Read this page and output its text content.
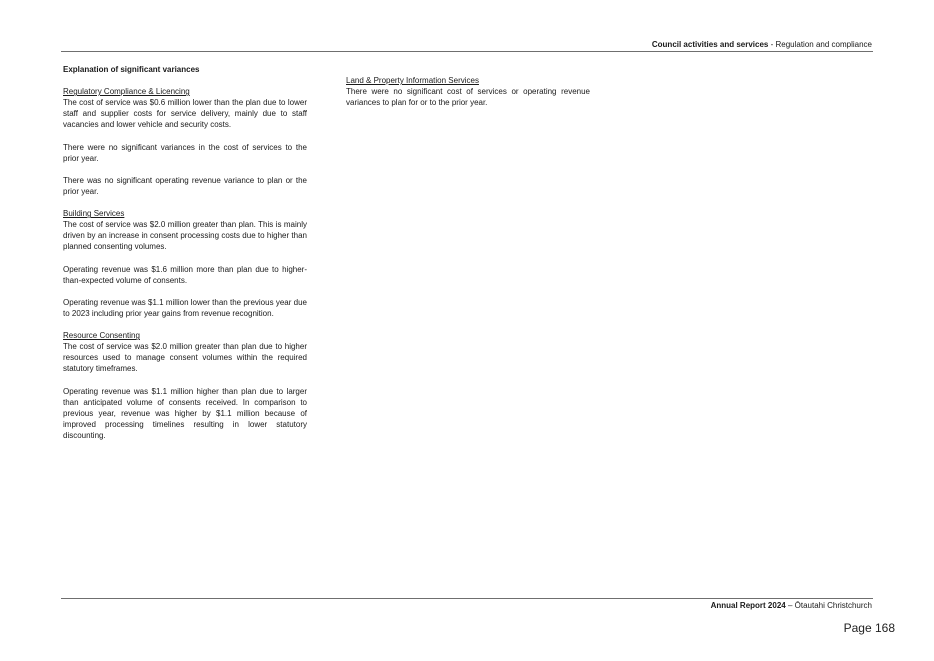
Council activities and services - Regulation and compliance

Explanation of significant variances

Regulatory Compliance & Licencing

The cost of service was $0.6 million lower than the plan due to lower staff and supplier costs for service delivery, mainly due to staff vacancies and lower vehicle and security costs.

There were no significant variances in the cost of services to the prior year.

There was no significant operating revenue variance to plan or the prior year.

Building Services

The cost of service was $2.0 million greater than plan. This is mainly driven by an increase in consent processing costs due to higher than planned consenting volumes.

Operating revenue was $1.6 million more than plan due to higher-than-expected volume of consents.

Operating revenue was $1.1 million lower than the previous year due to 2023 including prior year gains from revenue recognition.

Resource Consenting

The cost of service was $2.0 million greater than plan due to higher resources used to manage consent volumes within the required statutory timeframes.

Operating revenue was $1.1 million higher than plan due to larger than anticipated volume of consents received. In comparison to previous year, revenue was higher by $1.1 million because of improved processing timelines resulting in lower statutory discounting.

Land & Property Information Services

There were no significant cost of services or operating revenue variances to plan for or to the prior year.

Annual Report 2024 – Ōtautahi Christchurch
Page 168
